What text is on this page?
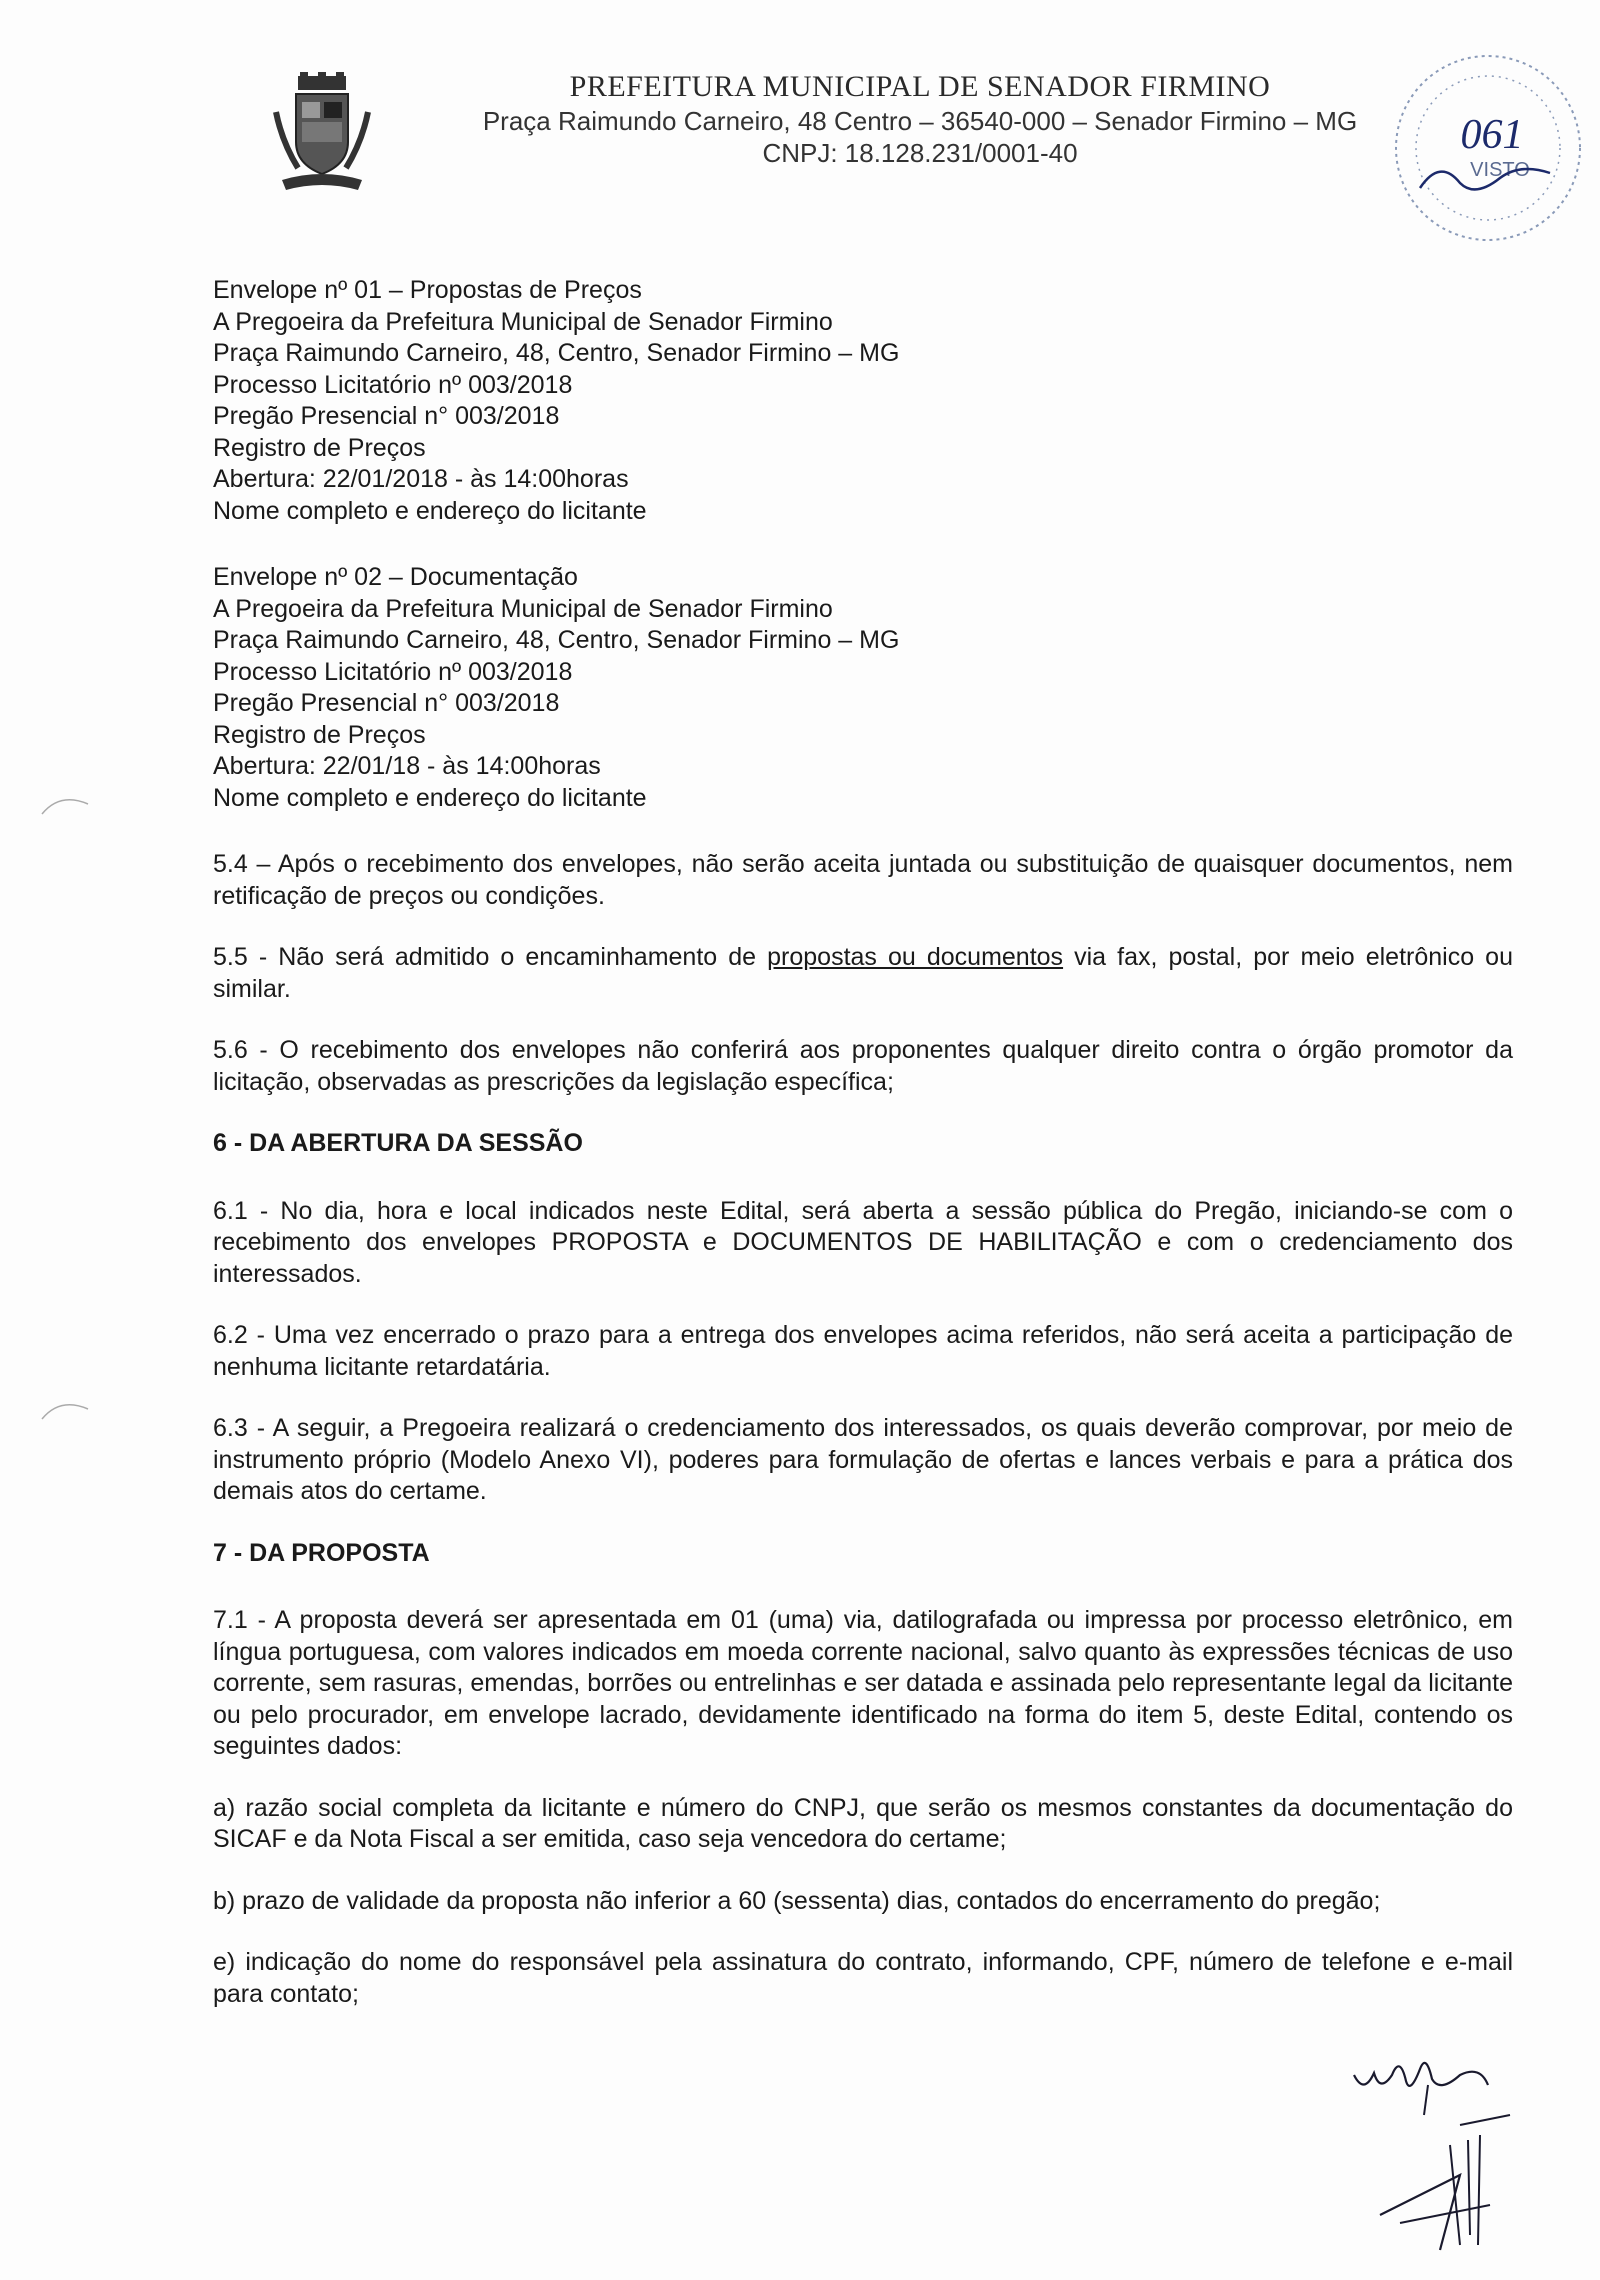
PREFEITURA MUNICIPAL DE SENADOR FIRMINO
Praça Raimundo Carneiro, 48 Centro – 36540-000 – Senador Firmino – MG
CNPJ: 18.128.231/0001-40	061
VISTO
Envelope nº 01 – Propostas de Preços
A Pregoeira da Prefeitura Municipal de Senador Firmino
Praça Raimundo Carneiro, 48, Centro, Senador Firmino – MG
Processo Licitatório nº 003/2018
Pregão Presencial n° 003/2018
Registro de Preços
Abertura: 22/01/2018 - às 14:00horas
Nome completo e endereço do licitante
Envelope nº 02 – Documentação
A Pregoeira da Prefeitura Municipal de Senador Firmino
Praça Raimundo Carneiro, 48, Centro, Senador Firmino – MG
Processo Licitatório nº 003/2018
Pregão Presencial n° 003/2018
Registro de Preços
Abertura: 22/01/18 - às 14:00horas
Nome completo e endereço do licitante

5.4 – Após o recebimento dos envelopes, não serão aceita juntada ou substituição de quaisquer documentos, nem retificação de preços ou condições.

5.5 - Não será admitido o encaminhamento de propostas ou documentos via fax, postal, por meio eletrônico ou similar.

5.6 - O recebimento dos envelopes não conferirá aos proponentes qualquer direito contra o órgão promotor da licitação, observadas as prescrições da legislação específica;

6 - DA ABERTURA DA SESSÃO

6.1 - No dia, hora e local indicados neste Edital, será aberta a sessão pública do Pregão, iniciando-se com o recebimento dos envelopes PROPOSTA e DOCUMENTOS DE HABILITAÇÃO e com o credenciamento dos interessados.

6.2 - Uma vez encerrado o prazo para a entrega dos envelopes acima referidos, não será aceita a participação de nenhuma licitante retardatária.

6.3 - A seguir, a Pregoeira realizará o credenciamento dos interessados, os quais deverão comprovar, por meio de instrumento próprio (Modelo Anexo VI), poderes para formulação de ofertas e lances verbais e para a prática dos demais atos do certame.

7 - DA PROPOSTA

7.1 - A proposta deverá ser apresentada em 01 (uma) via, datilografada ou impressa por processo eletrônico, em língua portuguesa, com valores indicados em moeda corrente nacional, salvo quanto às expressões técnicas de uso corrente, sem rasuras, emendas, borrões ou entrelinhas e ser datada e assinada pelo representante legal da licitante ou pelo procurador, em envelope lacrado, devidamente identificado na forma do item 5, deste Edital, contendo os seguintes dados:

a) razão social completa da licitante e número do CNPJ, que serão os mesmos constantes da documentação do SICAF e da Nota Fiscal a ser emitida, caso seja vencedora do certame;

b) prazo de validade da proposta não inferior a 60 (sessenta) dias, contados do encerramento do pregão;

e) indicação do nome do responsável pela assinatura do contrato, informando, CPF, número de telefone e e-mail para contato;
